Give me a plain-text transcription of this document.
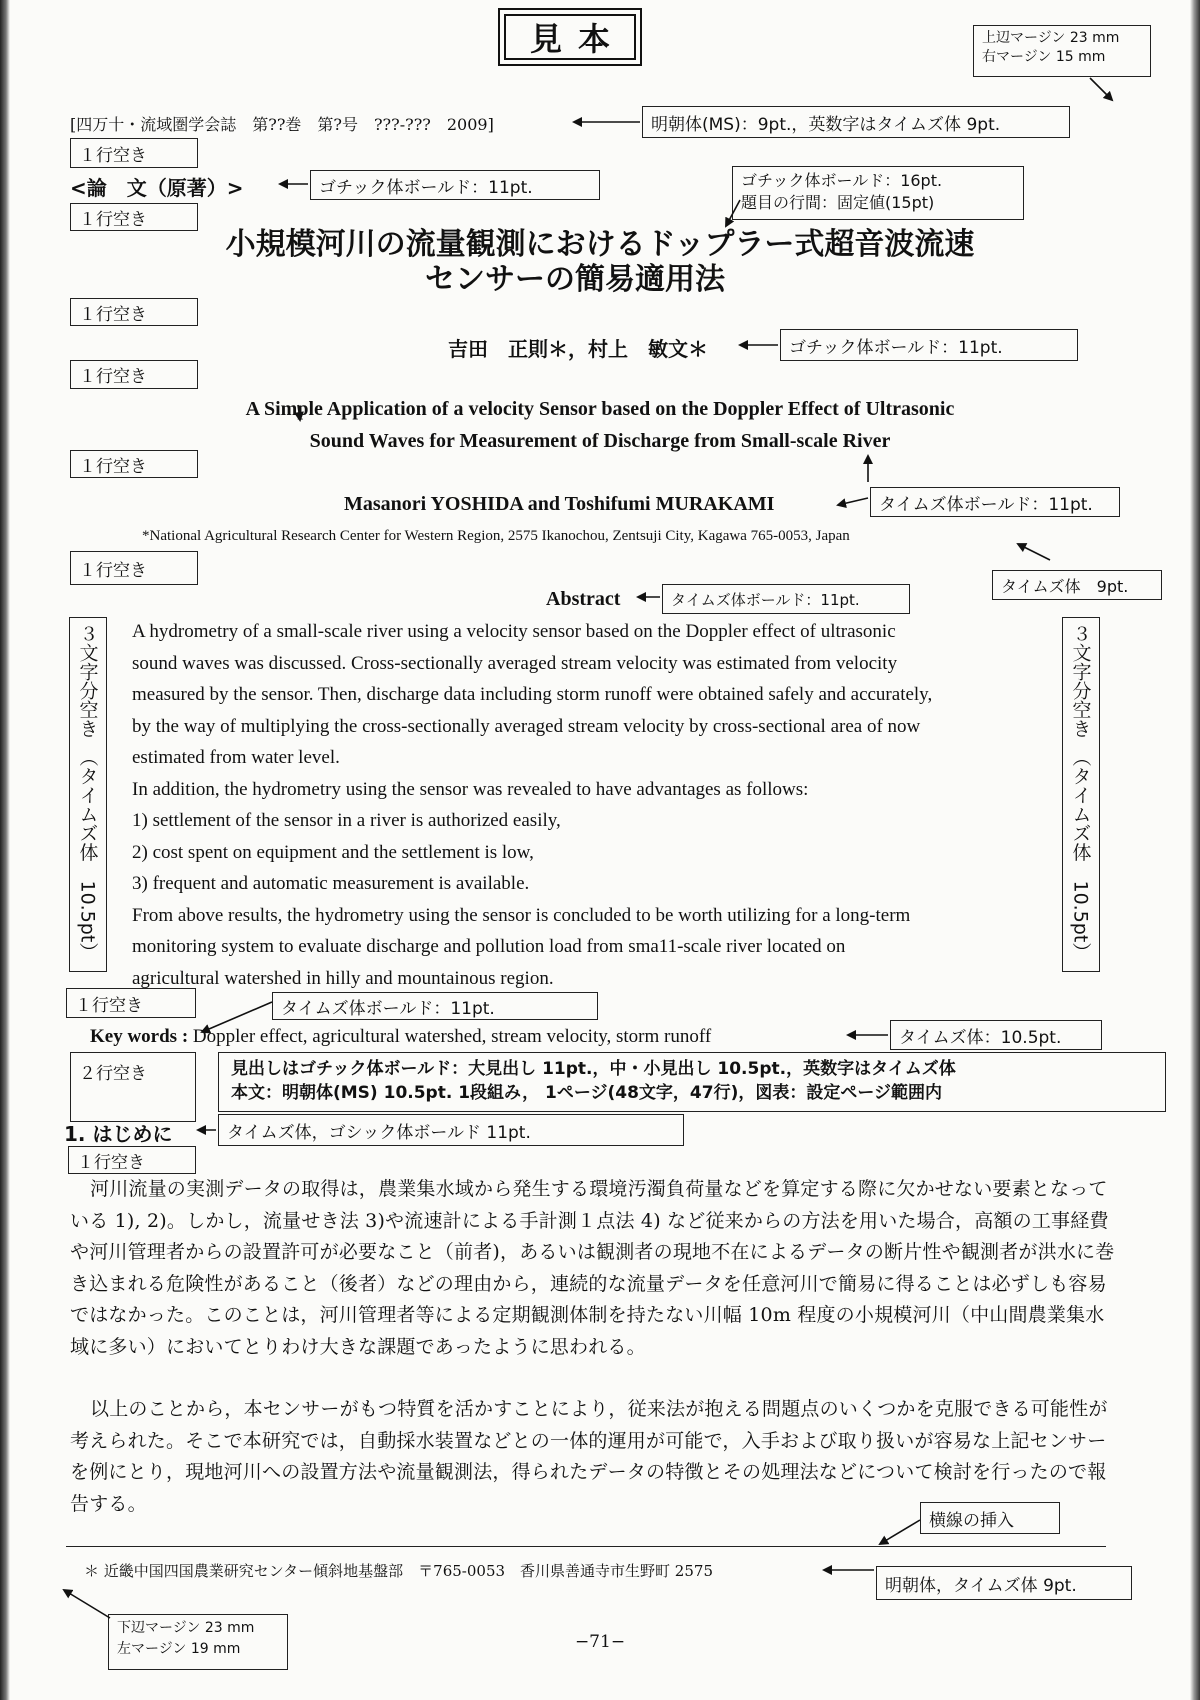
見本	上辺マージン 23 mm
右マージン 15 mm
[四万十・流域圏学会誌　第??巻　第?号　???-???　2009]	明朝体(MS)：9pt.，英数字はタイムズ体 9pt.
１行空き
<論　文（原著）>	ゴチック体ボールド：11pt.	ゴチック体ボールド：16pt.
題目の行間：固定値(15pt)
１行空き
小規模河川の流量観測におけるドップラー式超音波流速
センサーの簡易適用法
１行空き
吉田　正則＊，村上　敏文＊	ゴチック体ボールド：11pt.
１行空き
A Simple Application of a velocity Sensor based on the Doppler Effect of Ultrasonic
Sound Waves for Measurement of Discharge from Small-scale River
１行空き
Masanori YOSHIDA and Toshifumi MURAKAMI	タイムズ体ボールド：11pt.
*National Agricultural Research Center for Western Region, 2575 Ikanochou, Zentsuji City, Kagawa 765-0053, Japan
タイムズ体　9pt.
１行空き
Abstract	タイムズ体ボールド：11pt.
３文字分空き　（タイムズ体　10.5pt）	３文字分空き　（タイムズ体　10.5pt）
A hydrometry of a small-scale river using a velocity sensor based on the Doppler effect of ultrasonic
sound waves was discussed. Cross-sectionally averaged stream velocity was estimated from velocity
measured by the sensor. Then, discharge data including storm runoff were obtained safely and accurately,
by the way of multiplying the cross-sectionally averaged stream velocity by cross-sectional area of now
estimated from water level.
In addition, the hydrometry using the sensor was revealed to have advantages as follows:
1) settlement of the sensor in a river is authorized easily,
2) cost spent on equipment and the settlement is low,
3) frequent and automatic measurement is available.
From above results, the hydrometry using the sensor is concluded to be worth utilizing for a long-term
monitoring system to evaluate discharge and pollution load from sma11-scale river located on
agricultural watershed in hilly and mountainous region.
１行空き	タイムズ体ボールド：11pt.
Key words : Doppler effect, agricultural watershed, stream velocity, storm runoff	タイムズ体：10.5pt.
２行空き	見出しはゴチック体ボールド：大見出し 11pt.，中・小見出し 10.5pt.，英数字はタイムズ体
本文：明朝体(MS) 10.5pt. 1段組み， 1ページ(48文字，47行)，図表：設定ページ範囲内
1. はじめに	タイムズ体，ゴシック体ボールド 11pt.
１行空き
河川流量の実測データの取得は，農業集水域から発生する環境汚濁負荷量などを算定する際に欠かせない要素となっている 1), 2)。しかし，流量せき法 3)や流速計による手計測１点法 4) など従来からの方法を用いた場合，高額の工事経費や河川管理者からの設置許可が必要なこと（前者)，あるいは観測者の現地不在によるデータの断片性や観測者が洪水に巻き込まれる危険性があること（後者）などの理由から，連続的な流量データを任意河川で簡易に得ることは必ずしも容易ではなかった。このことは，河川管理者等による定期観測体制を持たない川幅 10m 程度の小規模河川（中山間農業集水域に多い）においてとりわけ大きな課題であったように思われる。
以上のことから，本センサーがもつ特質を活かすことにより，従来法が抱える問題点のいくつかを克服できる可能性が考えられた。そこで本研究では，自動採水装置などとの一体的運用が可能で，入手および取り扱いが容易な上記センサーを例にとり，現地河川への設置方法や流量観測法，得られたデータの特徴とその処理法などについて検討を行ったので報告する。
横線の挿入
＊ 近畿中国四国農業研究センター傾斜地基盤部　〒765-0053　香川県善通寺市生野町 2575
明朝体，タイムズ体 9pt.
下辺マージン 23 mm
左マージン 19 mm	−71−
